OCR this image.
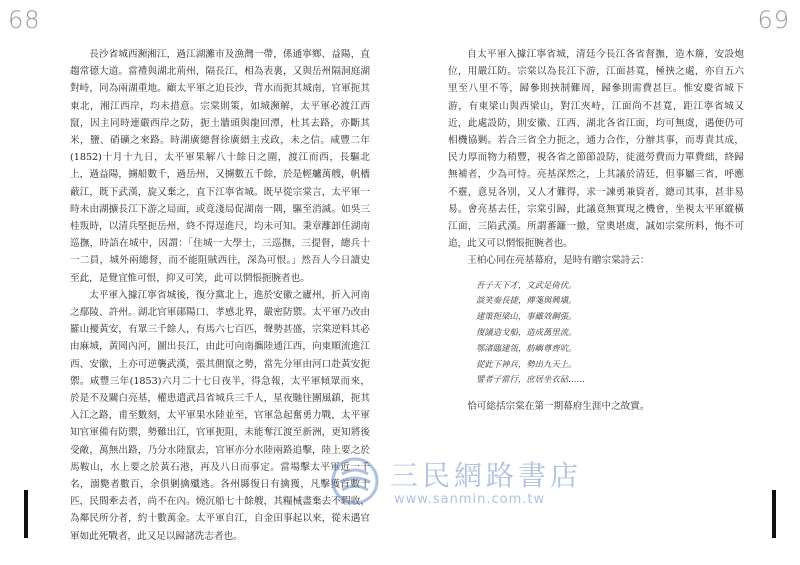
68

長沙省城西瀕湘江，過江湖灘市及漁灣一帶，係通寧鄉、益陽，直趨常德大道。當禮與湖北荊州，隔長江，相為表裏，又與岳州隔洞庭湖對峙，同為兩湖重地。顧太平軍之迫長沙，背水而扼其城南，官軍扼其東北，湘江西岸，均未措意。宗棠則策，如城瀕解，太平軍必渡江西竄，因主同時連嚴西岸之防，扼土牆頭與龍回潭，杜其去路，亦斷其米，鹽、硝礦之來路。時湖廣總督徐廣縉主戎政，未之信。咸豐二年(1852)十月十九日，太平軍果解八十餘日之圍，渡江而西，長驅北上，過益陽，擄船數千，過岳州，又擄數五千餘，於是輕艫萬艘，帆檣蔽江，既下武漢，旋又棄之，直下江寧省城。既早從宗棠言，太平軍一時未由湖擴長江下游之局面，或竟淺局促湖南一隅，驅至消滅。如吳三桂叛時，以清兵堅扼岳州，終不得逞進尺，均未可知。秉章離卸任湖南巡撫，時語在城中，因謂：「住城一大學士，三巡撫，三提督，總兵十一二員，城外兩總督，而不能阻賊西往，深為可恨。」然吾人今日讀史至此，是覺宜惟可恨，抑又可笑，此可以惘悵扼腕者也。

太平軍入據江寧省城後，復分黨北上，進於安徽之廬州，折入河南之鄢陵、許州。湖北官軍鄖陽口、孝感北界，嚴密防禦。太平軍乃改由羅山擾黃安，有眾三千餘人，有馬六七百匹，聲勢甚盛，宗棠逆料其必由麻城，黃岡內河，圖出長江，由此可向南攜陸通江西，向東順流進江西、安徽，上亦可逆襲武漢，張其側竄之勢，當先分軍由河口赴黃安扼禦。咸豐三年(1853)六月二十七日夜半，得急報，太平軍傾眾而來，於是不及關白亮基，權患遣武昌省城兵三千人，星夜馳往團風鎮，扼其入江之路，甫至數刻，太平軍果水陸並至，官軍急起奮勇力戰，太平軍知官軍備有防禦，勢難出江，官軍扼阻，未能奪江渡至新洲，更知將後受敵，萬無出路，乃分水陸竄去，官軍亦分水陸兩路追擊，陸上要之於馬鞍山，水上要之於黃石港，再及八日而事定。當場擊太平軍近一千名，溺斃者數百，余俱剿擒殲逃。各州縣復日有擒獲，凡擊獲首數十匹，民間牽去者，尚不在內。燒沉船七十餘艘，其糧械盡棄去不暇收，為鄰民所分者，約十數萬金。太平軍自江，自金田事起以來，從未遇官軍如此死戰者，此又足以歸諸洗志者也。

69

自太平軍入據江寧省城，清廷今長江各省督撫，造木簰，安設炮位，用嚴江防。宗棠以為長江下游，江面甚寬，極挾之處，亦自五六里至八里不等，歸參則挾制難周，歸參則需費甚巨。惟安慶省城下游，有東梁山與西梁山，對江夾峙，江面尚不甚寬，距江寧省城又近，此處設防，則安徽、江西、湖北各省江面，均可無虞，遇便仍可相機協剿。若合三省全力扼之，通力合作，分辦其事，而專責其成，民力厚而物力稍豐，視各省之節節設防，徒滋勞費而力單費絀，終歸無補者，少為可恃。亮基深然之，上其議於清廷，但事屬三省，呼應不靈，意見各別，又人才難得，求一諫勇兼資者，總司其事，甚非易易。會亮基去任，宗棠引歸，此議竟無實現之機會，坐視太平軍縱橫江面，三陷武漢。所謂蕃籬一撤，堂奧堪虞，誠如宗棠所料，悔不可追，此又可以惘悵扼腕者也。

王柏心同在亮基幕府，是時有贈宗棠詩云：

吾子天下才，文武足倚伏。
談笑奏長捷，傳箋與興塡。
建策扼梁山，事雖效鋼張。
復議造戈船，造成萬里流。
鄂渚臨建瓴，舫嶼尊齊吭。
從此下神兵，勢出九天上。
譬者子當行，庶居坐衣砧……

恰可総括宗棠在第一期幕府生涯中之故實。

三民網路書店
www.sanmin.com.tw
